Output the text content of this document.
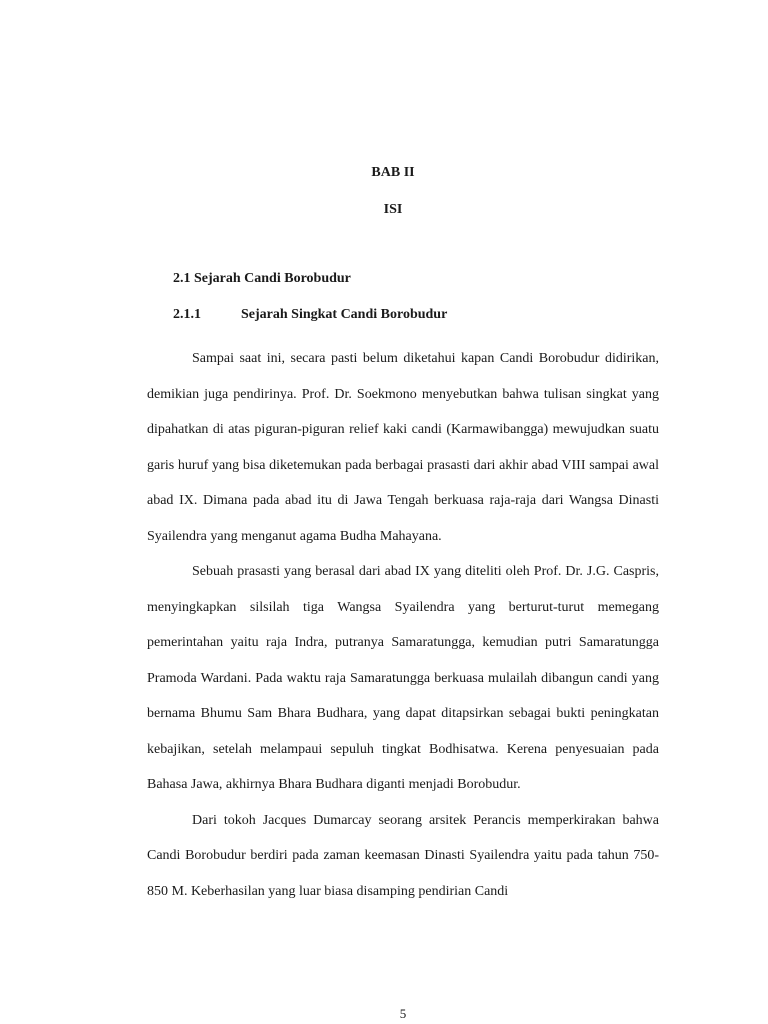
BAB II
ISI
2.1 Sejarah Candi Borobudur
2.1.1	Sejarah Singkat Candi Borobudur

Sampai saat ini, secara pasti belum diketahui kapan Candi Borobudur didirikan, demikian juga pendirinya. Prof. Dr. Soekmono menyebutkan bahwa tulisan singkat yang dipahatkan di atas piguran-piguran relief kaki candi (Karmawibangga) mewujudkan suatu garis huruf yang bisa diketemukan pada berbagai prasasti dari akhir abad VIII sampai awal abad IX. Dimana pada abad itu di Jawa Tengah berkuasa raja-raja dari Wangsa Dinasti Syailendra yang menganut agama Budha Mahayana.

Sebuah prasasti yang berasal dari abad IX yang diteliti oleh Prof. Dr. J.G. Caspris, menyingkapkan silsilah tiga Wangsa Syailendra yang berturut-turut memegang pemerintahan yaitu raja Indra, putranya Samaratungga, kemudian putri Samaratungga Pramoda Wardani. Pada waktu raja Samaratungga berkuasa mulailah dibangun candi yang bernama Bhumu Sam Bhara Budhara, yang dapat ditapsirkan sebagai bukti peningkatan kebajikan, setelah melampaui sepuluh tingkat Bodhisatwa. Kerena penyesuaian pada Bahasa Jawa, akhirnya Bhara Budhara diganti menjadi Borobudur.

Dari tokoh Jacques Dumarcay seorang arsitek Perancis memperkirakan bahwa Candi Borobudur berdiri pada zaman keemasan Dinasti Syailendra yaitu pada tahun 750-850 M. Keberhasilan yang luar biasa disamping pendirian Candi

5
